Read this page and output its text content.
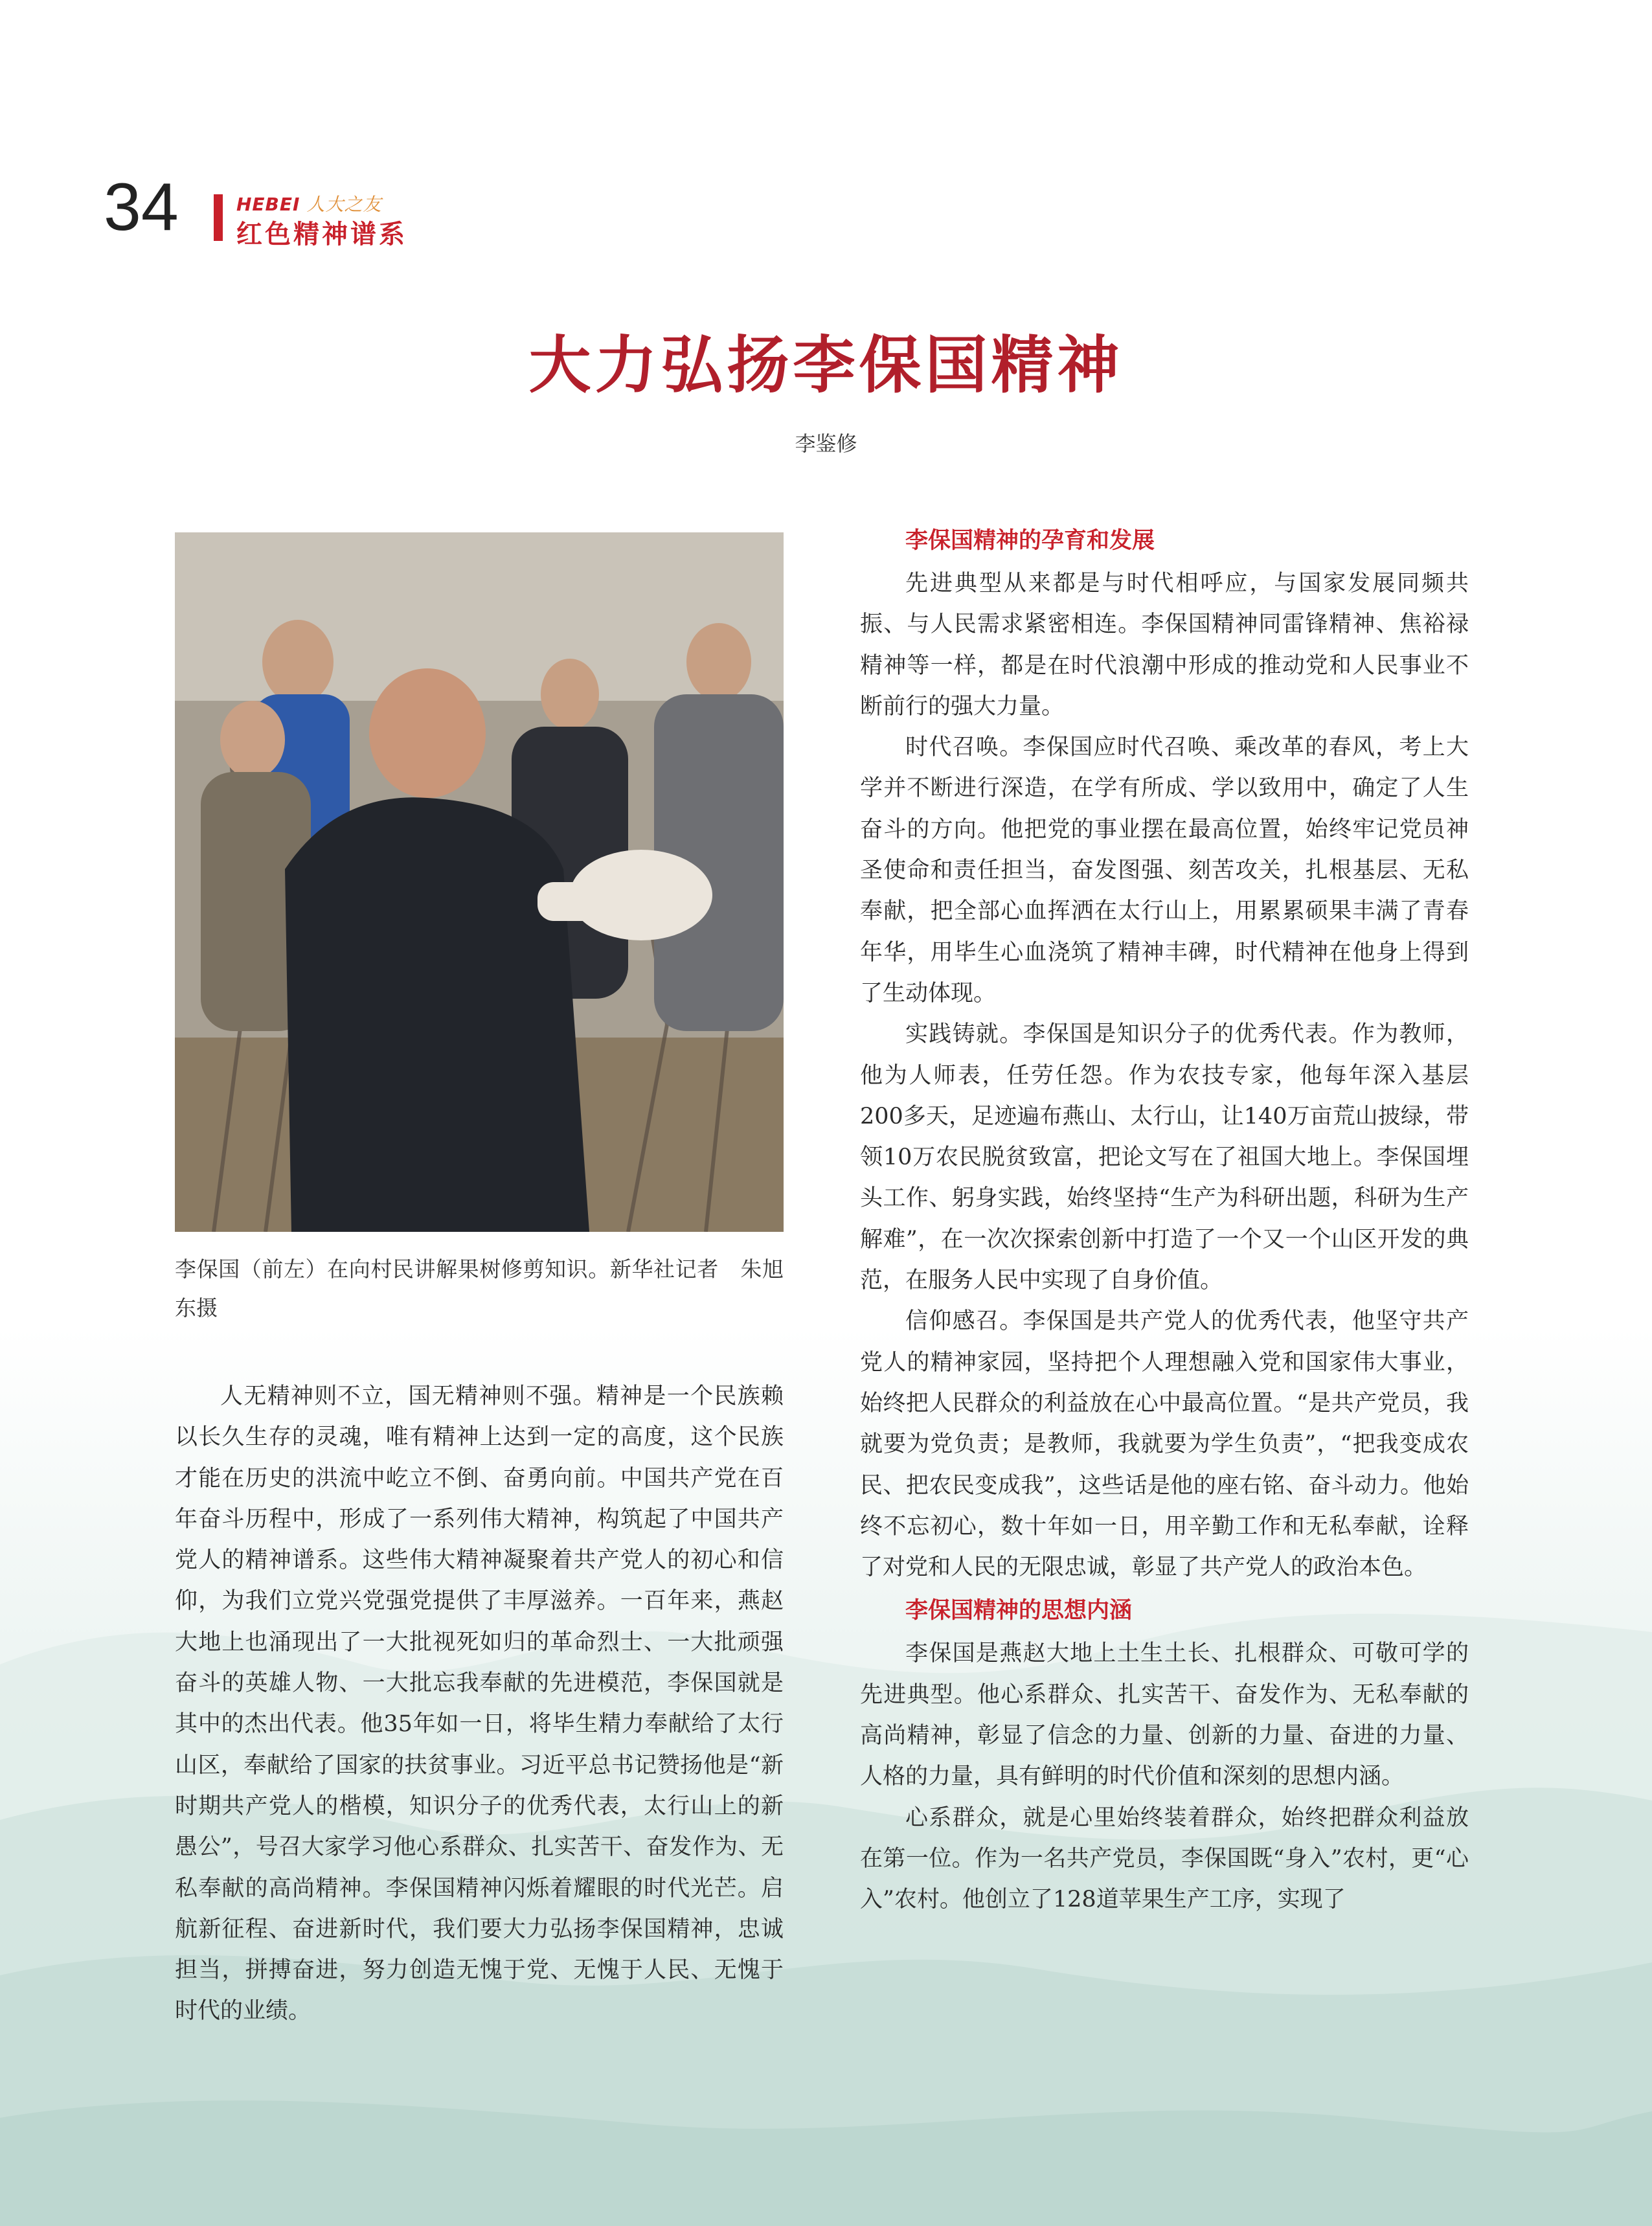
34	HEBEI 人大之友
红色精神谱系
大力弘扬李保国精神
李鉴修
李保国（前左）在向村民讲解果树修剪知识。新华社记者　朱旭东摄

人无精神则不立，国无精神则不强。精神是一个民族赖以长久生存的灵魂，唯有精神上达到一定的高度，这个民族才能在历史的洪流中屹立不倒、奋勇向前。中国共产党在百年奋斗历程中，形成了一系列伟大精神，构筑起了中国共产党人的精神谱系。这些伟大精神凝聚着共产党人的初心和信仰，为我们立党兴党强党提供了丰厚滋养。一百年来，燕赵大地上也涌现出了一大批视死如归的革命烈士、一大批顽强奋斗的英雄人物、一大批忘我奉献的先进模范，李保国就是其中的杰出代表。他35年如一日，将毕生精力奉献给了太行山区，奉献给了国家的扶贫事业。习近平总书记赞扬他是“新时期共产党人的楷模，知识分子的优秀代表，太行山上的新愚公”，号召大家学习他心系群众、扎实苦干、奋发作为、无私奉献的高尚精神。李保国精神闪烁着耀眼的时代光芒。启航新征程、奋进新时代，我们要大力弘扬李保国精神，忠诚担当，拼搏奋进，努力创造无愧于党、无愧于人民、无愧于时代的业绩。

李保国精神的孕育和发展

先进典型从来都是与时代相呼应，与国家发展同频共振、与人民需求紧密相连。李保国精神同雷锋精神、焦裕禄精神等一样，都是在时代浪潮中形成的推动党和人民事业不断前行的强大力量。

时代召唤。李保国应时代召唤、乘改革的春风，考上大学并不断进行深造，在学有所成、学以致用中，确定了人生奋斗的方向。他把党的事业摆在最高位置，始终牢记党员神圣使命和责任担当，奋发图强、刻苦攻关，扎根基层、无私奉献，把全部心血挥洒在太行山上，用累累硕果丰满了青春年华，用毕生心血浇筑了精神丰碑，时代精神在他身上得到了生动体现。

实践铸就。李保国是知识分子的优秀代表。作为教师，他为人师表，任劳任怨。作为农技专家，他每年深入基层200多天，足迹遍布燕山、太行山，让140万亩荒山披绿，带领10万农民脱贫致富，把论文写在了祖国大地上。李保国埋头工作、躬身实践，始终坚持“生产为科研出题，科研为生产解难”，在一次次探索创新中打造了一个又一个山区开发的典范，在服务人民中实现了自身价值。

信仰感召。李保国是共产党人的优秀代表，他坚守共产党人的精神家园，坚持把个人理想融入党和国家伟大事业，始终把人民群众的利益放在心中最高位置。“是共产党员，我就要为党负责；是教师，我就要为学生负责”，“把我变成农民、把农民变成我”，这些话是他的座右铭、奋斗动力。他始终不忘初心，数十年如一日，用辛勤工作和无私奉献，诠释了对党和人民的无限忠诚，彰显了共产党人的政治本色。

李保国精神的思想内涵

李保国是燕赵大地上土生土长、扎根群众、可敬可学的先进典型。他心系群众、扎实苦干、奋发作为、无私奉献的高尚精神，彰显了信念的力量、创新的力量、奋进的力量、人格的力量，具有鲜明的时代价值和深刻的思想内涵。

心系群众，就是心里始终装着群众，始终把群众利益放在第一位。作为一名共产党员，李保国既“身入”农村，更“心入”农村。他创立了128道苹果生产工序，实现了
